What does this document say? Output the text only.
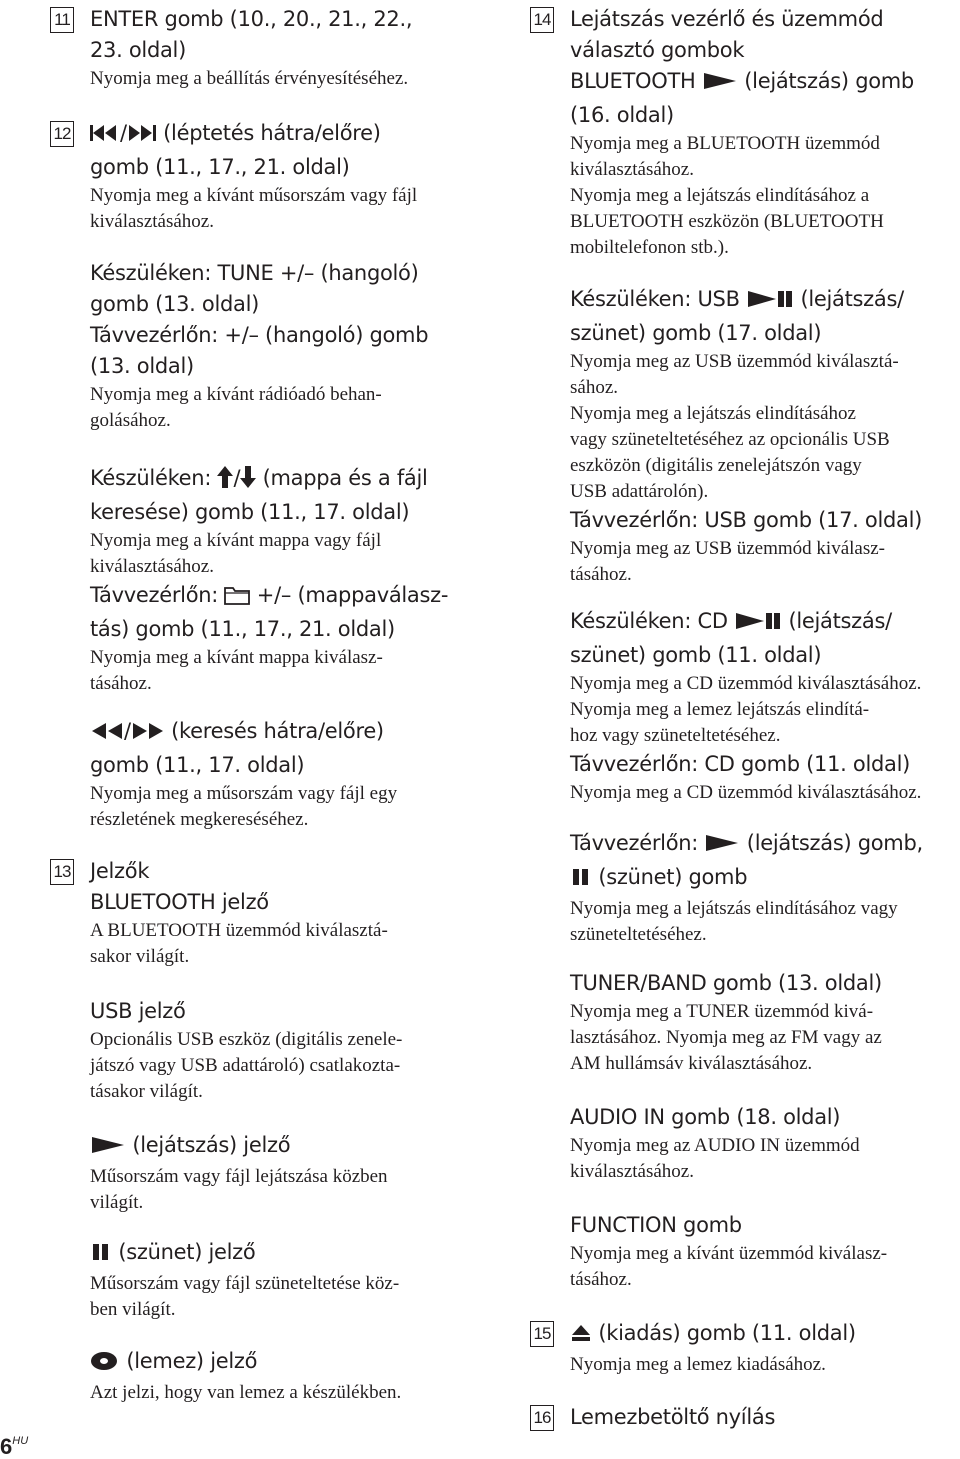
11 ENTER gomb (10., 20., 21., 22.,
23. oldal)
Nyomja meg a beállítás érvényesítéséhez.
12	/ (léptetés hátra/előre)
gomb (11., 17., 21. oldal)
Nyomja meg a kívánt műsorszám vagy fájl
kiválasztásához.
Készüléken: TUNE +/– (hangoló)
gomb (13. oldal)
Távvezérlőn: +/– (hangoló) gomb
(13. oldal)
Nyomja meg a kívánt rádióadó behan-
golásához.
Készüléken: / (mappa és a fájl
keresése) gomb (11., 17. oldal)
Nyomja meg a kívánt mappa vagy fájl
kiválasztásához.
Távvezérlőn:  +/– (mappaválasz-
tás) gomb (11., 17., 21. oldal)
Nyomja meg a kívánt mappa kiválasz-
tásához.
/ (keresés hátra/előre)
gomb (11., 17. oldal)
Nyomja meg a műsorszám vagy fájl egy
részletének megkereséséhez.
13 Jelzők
BLUETOOTH jelző
A BLUETOOTH üzemmód kiválasztá-
sakor világít.
USB jelző
Opcionális USB eszköz (digitális zenele-
játszó vagy USB adattároló) csatlakozta-
tásakor világít.
(lejátszás) jelző
Műsorszám vagy fájl lejátszása közben
világít.
(szünet) jelző
Műsorszám vagy fájl szüneteltetése köz-
ben világít.
(lemez) jelző
Azt jelzi, hogy van lemez a készülékben.
14 Lejátszás vezérlő és üzemmód
választó gombok
BLUETOOTH  (lejátszás) gomb
(16. oldal)
Nyomja meg a BLUETOOTH üzemmód
kiválasztásához.
Nyomja meg a lejátszás elindításához a
BLUETOOTH eszközön (BLUETOOTH
mobiltelefonon stb.).
Készüléken: USB  (lejátszás/
szünet) gomb (17. oldal)
Nyomja meg az USB üzemmód kiválasztá-
sához.
Nyomja meg a lejátszás elindításához
vagy szüneteltetéséhez az opcionális USB
eszközön (digitális zenelejátszón vagy
USB adattárolón).
Távvezérlőn: USB gomb (17. oldal)
Nyomja meg az USB üzemmód kiválasz-
tásához.
Készüléken: CD  (lejátszás/
szünet) gomb (11. oldal)
Nyomja meg a CD üzemmód kiválasztásához.
Nyomja meg a lemez lejátszás elindítá-
hoz vagy szüneteltetéséhez.
Távvezérlőn: CD gomb (11. oldal)
Nyomja meg a CD üzemmód kiválasztásához.
Távvezérlőn:  (lejátszás) gomb,
(szünet) gomb
Nyomja meg a lejátszás elindításához vagy
szüneteltetéséhez.
TUNER/BAND gomb (13. oldal)
Nyomja meg a TUNER üzemmód kivá-
lasztásához. Nyomja meg az FM vagy az
AM hullámsáv kiválasztásához.
AUDIO IN gomb (18. oldal)
Nyomja meg az AUDIO IN üzemmód
kiválasztásához.
FUNCTION gomb
Nyomja meg a kívánt üzemmód kiválasz-
tásához.
15	(kiadás) gomb (11. oldal)
Nyomja meg a lemez kiadásához.
16 Lemezbetöltő nyílás
$6^{HU}$
